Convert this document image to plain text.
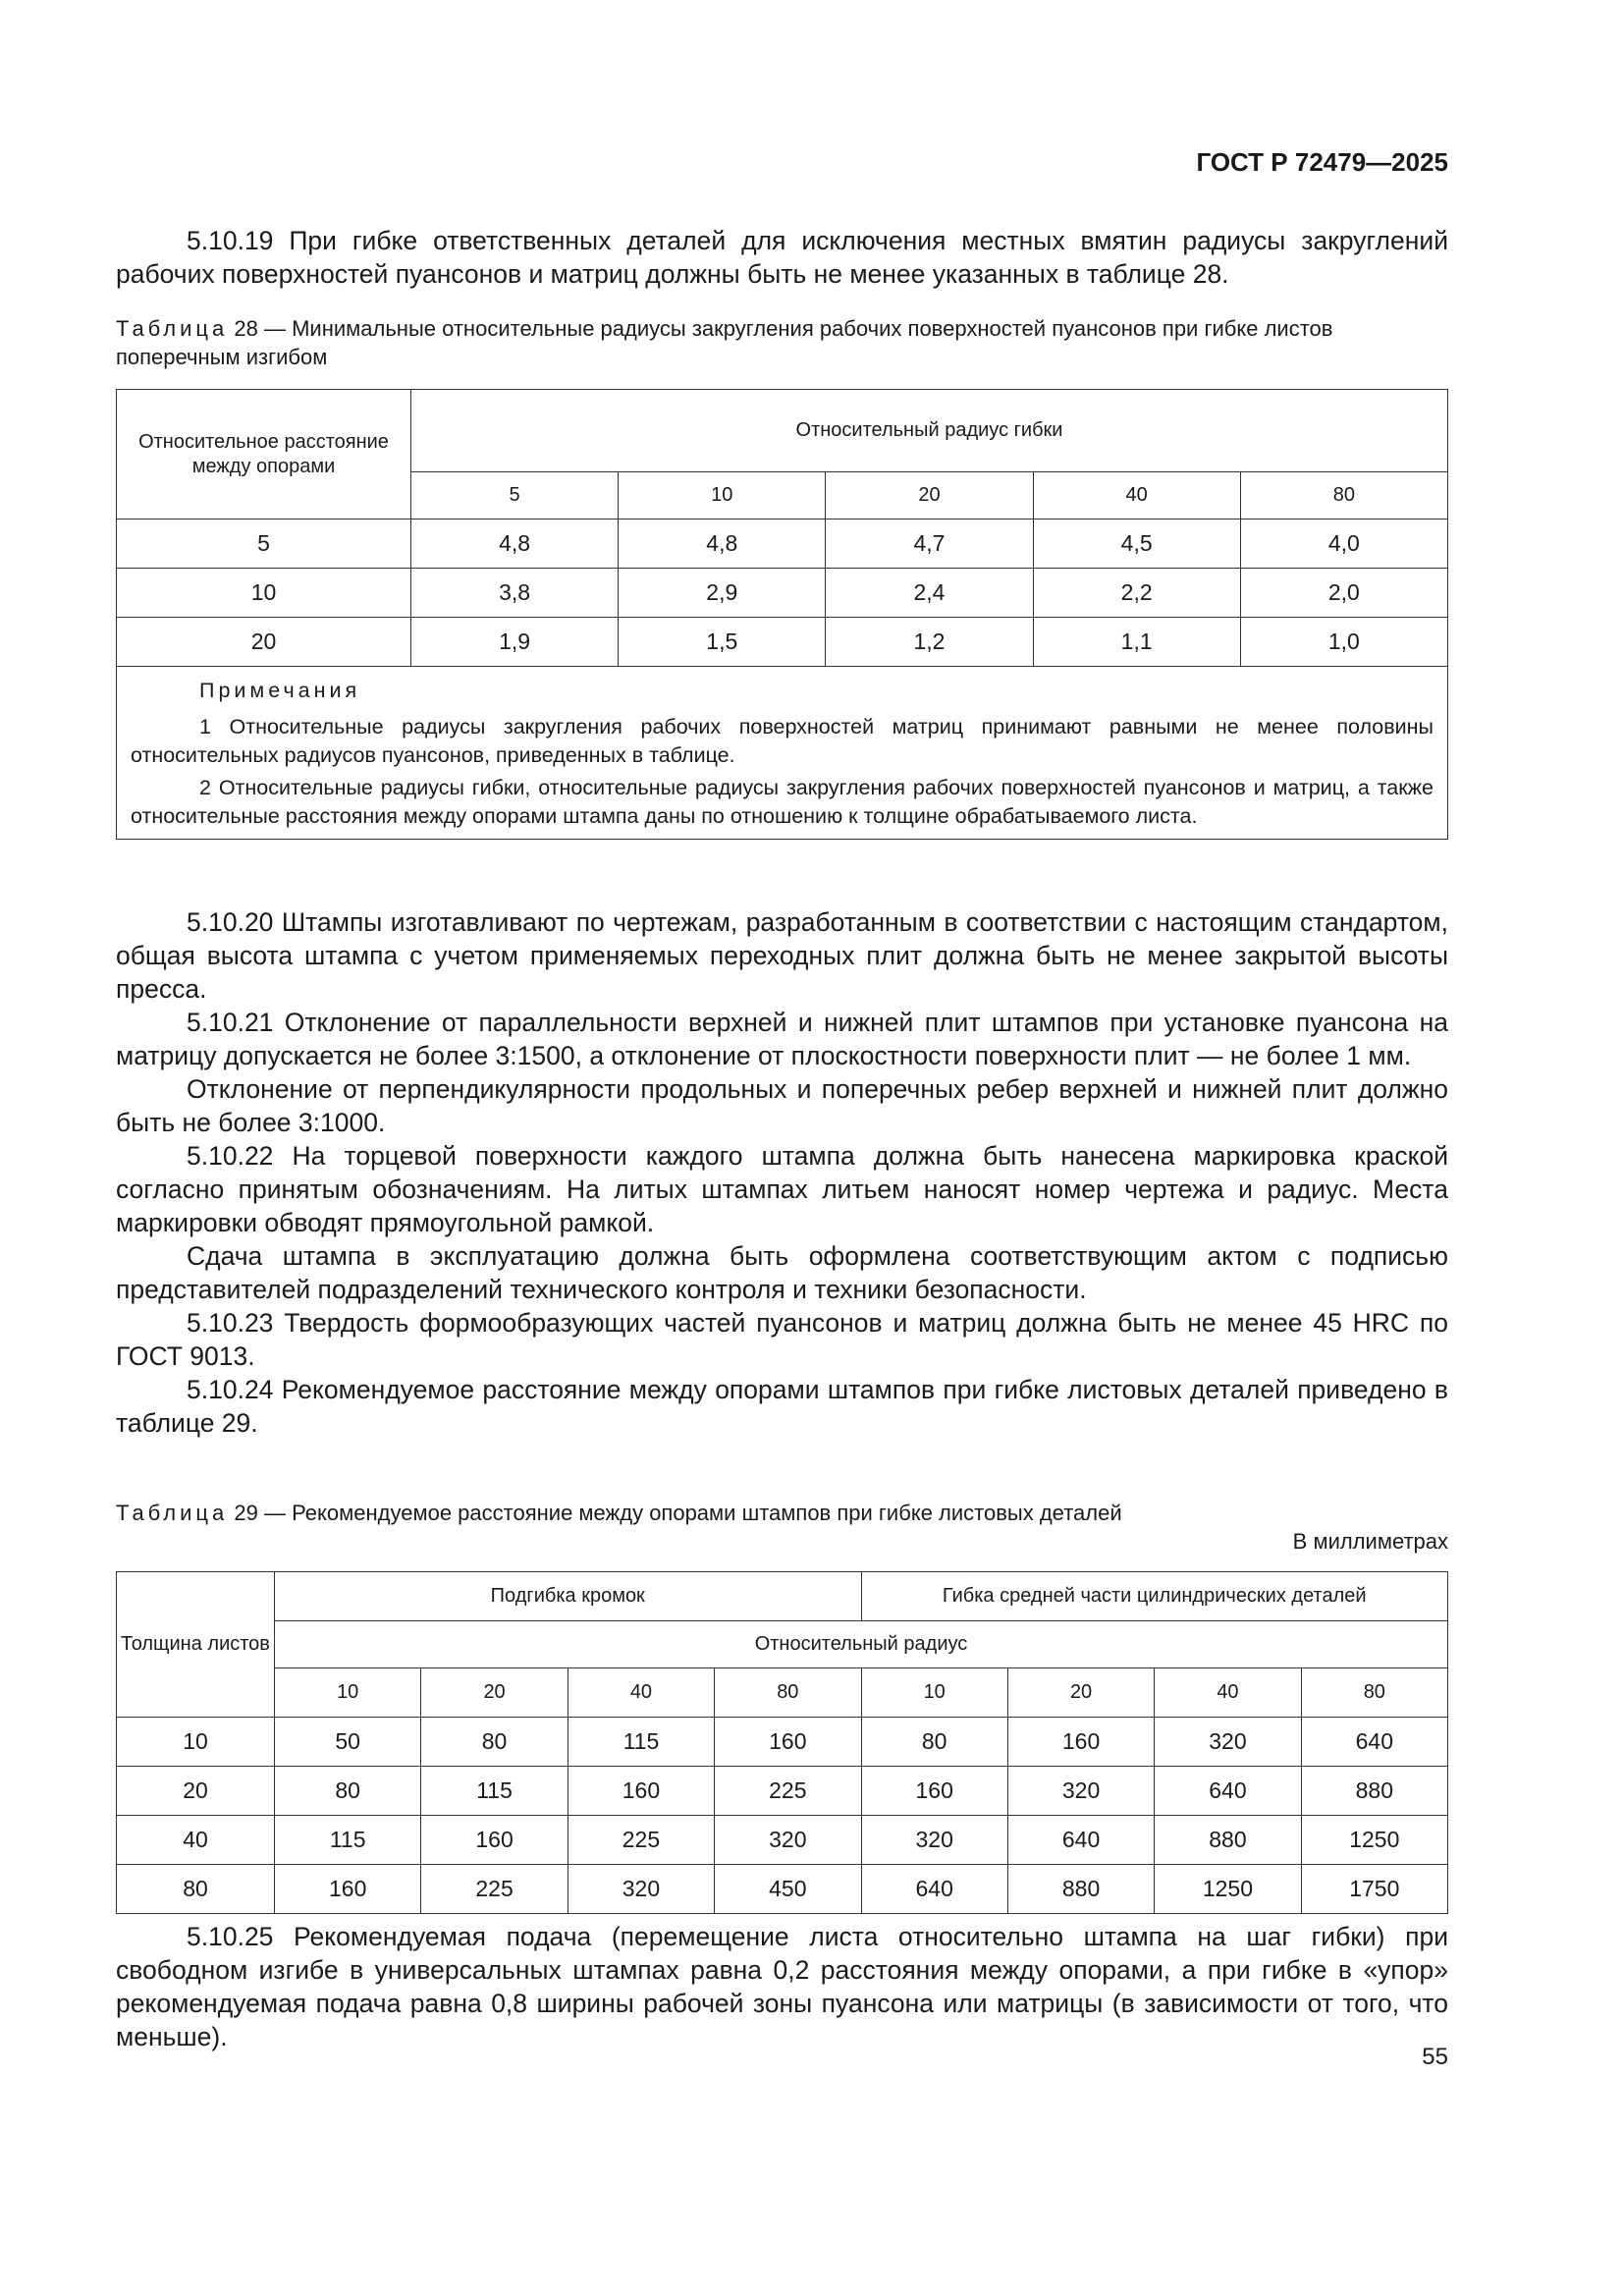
ГОСТ Р 72479—2025

5.10.19 При гибке ответственных деталей для исключения местных вмятин радиусы закруглений рабочих поверхностей пуансонов и матриц должны быть не менее указанных в таблице 28.

Таблица 28 — Минимальные относительные радиусы закругления рабочих поверхностей пуансонов при гибке листов поперечным изгибом

Относительное расстояние между опорами	Относительный радиус гибки				
	5	10	20	40	80
5	4,8	4,8	4,7	4,5	4,0
10	3,8	2,9	2,4	2,2	2,0
20	1,9	1,5	1,2	1,1	1,0

Примечания
1 Относительные радиусы закругления рабочих поверхностей матриц принимают равными не менее половины относительных радиусов пуансонов, приведенных в таблице.
2 Относительные радиусы гибки, относительные радиусы закругления рабочих поверхностей пуансонов и матриц, а также относительные расстояния между опорами штампа даны по отношению к толщине обрабатываемого листа.					

5.10.20 Штампы изготавливают по чертежам, разработанным в соответствии с настоящим стандартом, общая высота штампа с учетом применяемых переходных плит должна быть не менее закрытой высоты пресса.

5.10.21 Отклонение от параллельности верхней и нижней плит штампов при установке пуансона на матрицу допускается не более 3:1500, а отклонение от плоскостности поверхности плит — не более 1 мм.

Отклонение от перпендикулярности продольных и поперечных ребер верхней и нижней плит должно быть не более 3:1000.

5.10.22 На торцевой поверхности каждого штампа должна быть нанесена маркировка краской согласно принятым обозначениям. На литых штампах литьем наносят номер чертежа и радиус. Места маркировки обводят прямоугольной рамкой.

Сдача штампа в эксплуатацию должна быть оформлена соответствующим актом с подписью представителей подразделений технического контроля и техники безопасности.

5.10.23 Твердость формообразующих частей пуансонов и матриц должна быть не менее 45 HRC по ГОСТ 9013.

5.10.24 Рекомендуемое расстояние между опорами штампов при гибке листовых деталей приведено в таблице 29.

Таблица 29 — Рекомендуемое расстояние между опорами штампов при гибке листовых деталей

В миллиметрах
Толщина листов	Подгибка кромок				Гибка средней части цилиндрических деталей			
	Относительный радиус							
	10	20	40	80	10	20	40	80
10	50	80	115	160	80	160	320	640
20	80	115	160	225	160	320	640	880
40	115	160	225	320	320	640	880	1250
80	160	225	320	450	640	880	1250	1750

5.10.25 Рекомендуемая подача (перемещение листа относительно штампа на шаг гибки) при свободном изгибе в универсальных штампах равна 0,2 расстояния между опорами, а при гибке в «упор» рекомендуемая подача равна 0,8 ширины рабочей зоны пуансона или матрицы (в зависимости от того, что меньше).

55
